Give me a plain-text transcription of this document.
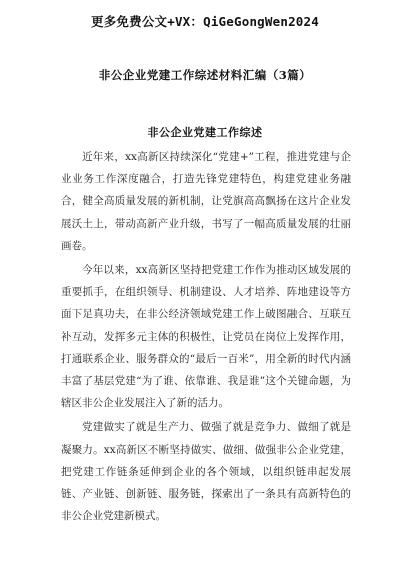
更多免费公文+VX：QiGeGongWen2024
非公企业党建工作综述材料汇编（3篇）
非公企业党建工作综述

近年来，xx高新区持续深化“党建+”工程，推进党建与企业业务工作深度融合，打造先锋党建特色，构建党建业务融合，健全高质量发展的新机制，让党旗高高飘扬在这片企业发展沃土上，带动高新产业升级，书写了一幅高质量发展的壮丽画卷。

今年以来，xx高新区坚持把党建工作作为推动区域发展的重要抓手，在组织领导、机制建设、人才培养、阵地建设等方面下足真功夫，在非公经济领域党建工作上破图融合、互联互补互动，发挥多元主体的积极性，让党员在岗位上发挥作用，打通联系企业、服务群众的“最后一百米”，用全新的时代内涵丰富了基层党建“为了谁、依靠谁、我是谁”这个关键命题，为辖区非公企业发展注入了新的活力。

党建做实了就是生产力、做强了就是竞争力、做细了就是凝聚力。xx高新区不断坚持做实、做细、做强非公企业党建，把党建工作链条延伸到企业的各个领域，以组织链串起发展链、产业链、创新链、服务链，探索出了一条具有高新特色的非公企业党建新模式。
